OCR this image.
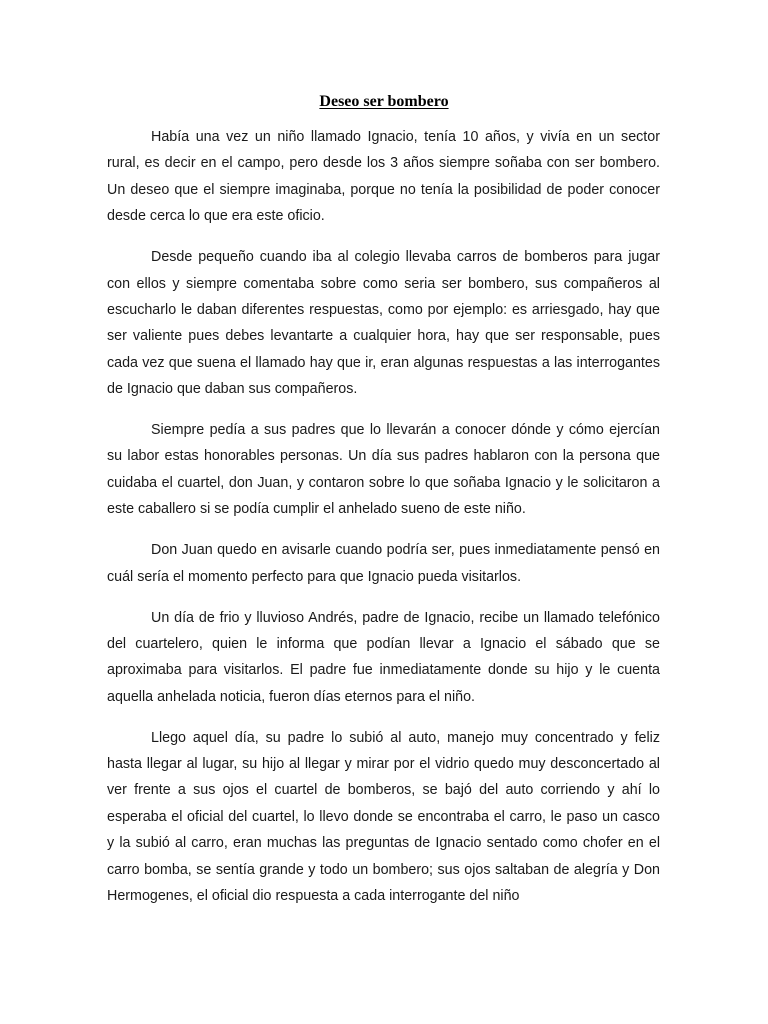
Deseo ser bombero

Había una vez un niño llamado Ignacio, tenía 10 años, y vivía en un sector rural, es decir en el campo, pero desde los 3 años siempre soñaba con ser bombero. Un deseo que el siempre imaginaba, porque no tenía la posibilidad de poder conocer desde cerca lo que era este oficio.

Desde pequeño cuando iba al colegio llevaba carros de bomberos para jugar con ellos y siempre comentaba sobre como seria ser bombero, sus compañeros al escucharlo le daban diferentes respuestas, como por ejemplo: es arriesgado, hay que ser valiente pues debes levantarte a cualquier hora, hay que ser responsable, pues cada vez que suena el llamado hay que ir, eran algunas respuestas a las interrogantes de Ignacio que daban sus compañeros.

Siempre pedía a sus padres que lo llevarán a conocer dónde y cómo ejercían su labor estas honorables personas. Un día sus padres hablaron con la persona que cuidaba el cuartel, don Juan, y contaron sobre lo que soñaba Ignacio y le solicitaron a este caballero si se podía cumplir el anhelado sueno de este niño.

Don Juan quedo en avisarle cuando podría ser, pues inmediatamente pensó en cuál sería el momento perfecto para que Ignacio pueda visitarlos.

Un día de frio y lluvioso Andrés, padre de Ignacio, recibe un llamado telefónico del cuartelero, quien le informa que podían llevar a Ignacio el sábado que se aproximaba para visitarlos. El padre fue inmediatamente donde su hijo y le cuenta aquella anhelada noticia, fueron días eternos para el niño.

Llego aquel día, su padre lo subió al auto, manejo muy concentrado y feliz hasta llegar al lugar, su hijo al llegar y mirar por el vidrio quedo muy desconcertado al ver frente a sus ojos el cuartel de bomberos, se bajó del auto corriendo y ahí lo esperaba el oficial del cuartel, lo llevo donde se encontraba el carro, le paso un casco y la subió al carro, eran muchas las preguntas de Ignacio sentado como chofer en el carro bomba, se sentía grande y todo un bombero; sus ojos saltaban de alegría y Don Hermogenes, el oficial dio respuesta a cada interrogante del niño
